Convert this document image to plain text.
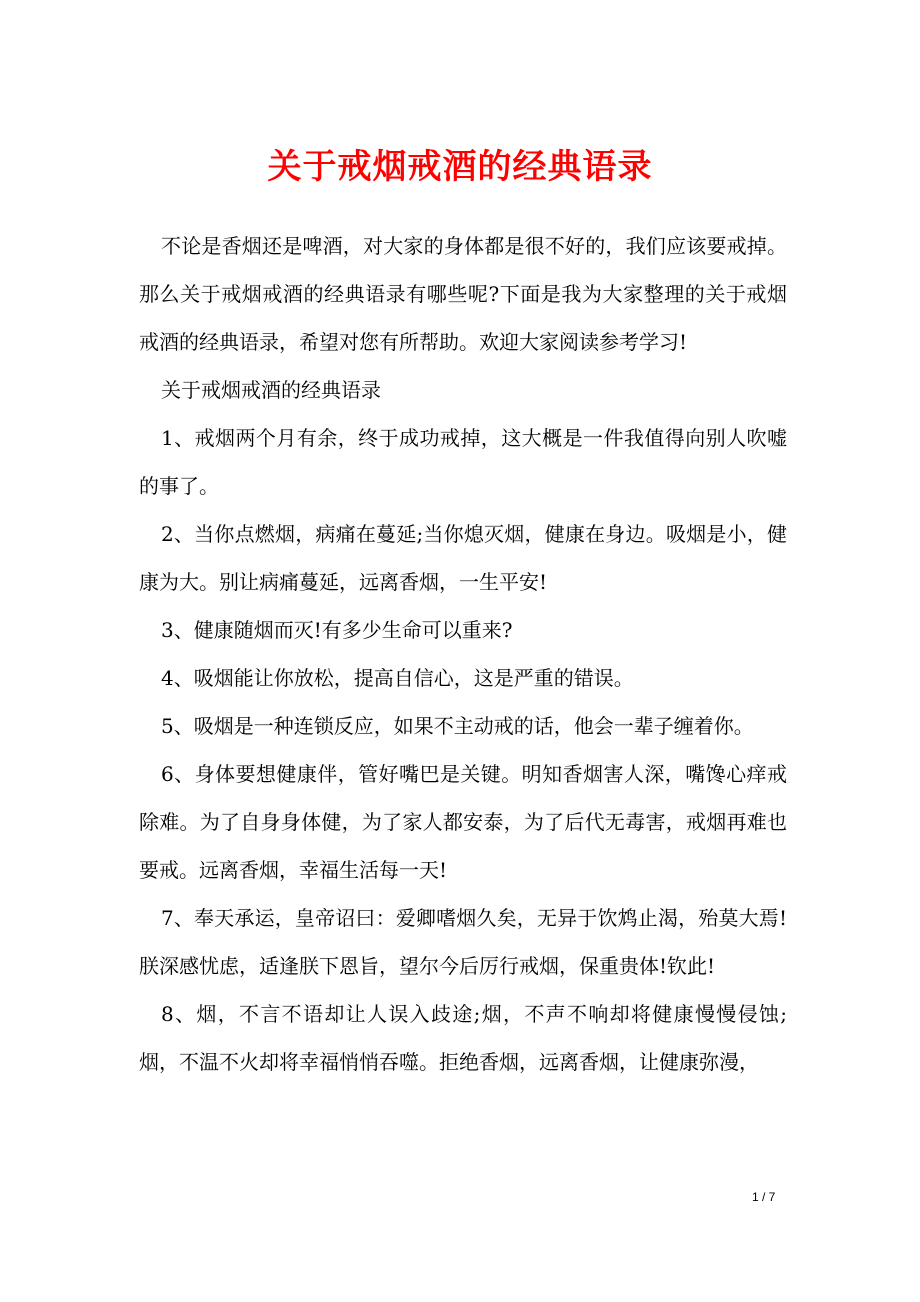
关于戒烟戒酒的经典语录

不论是香烟还是啤酒，对大家的身体都是很不好的，我们应该要戒掉。那么关于戒烟戒酒的经典语录有哪些呢?下面是我为大家整理的关于戒烟戒酒的经典语录，希望对您有所帮助。欢迎大家阅读参考学习!

关于戒烟戒酒的经典语录

1、戒烟两个月有余，终于成功戒掉，这大概是一件我值得向别人吹嘘的事了。

2、当你点燃烟，病痛在蔓延;当你熄灭烟，健康在身边。吸烟是小，健康为大。别让病痛蔓延，远离香烟，一生平安!

3、健康随烟而灭!有多少生命可以重来?

4、吸烟能让你放松，提高自信心，这是严重的错误。

5、吸烟是一种连锁反应，如果不主动戒的话，他会一辈子缠着你。

6、身体要想健康伴，管好嘴巴是关键。明知香烟害人深，嘴馋心痒戒除难。为了自身身体健，为了家人都安泰，为了后代无毒害，戒烟再难也要戒。远离香烟，幸福生活每一天!

7、奉天承运，皇帝诏曰：爱卿嗜烟久矣，无异于饮鸩止渴，殆莫大焉!朕深感忧虑，适逢朕下恩旨，望尔今后厉行戒烟，保重贵体!钦此!

8、烟，不言不语却让人误入歧途;烟，不声不响却将健康慢慢侵蚀;烟，不温不火却将幸福悄悄吞噬。拒绝香烟，远离香烟，让健康弥漫，

1 / 7
